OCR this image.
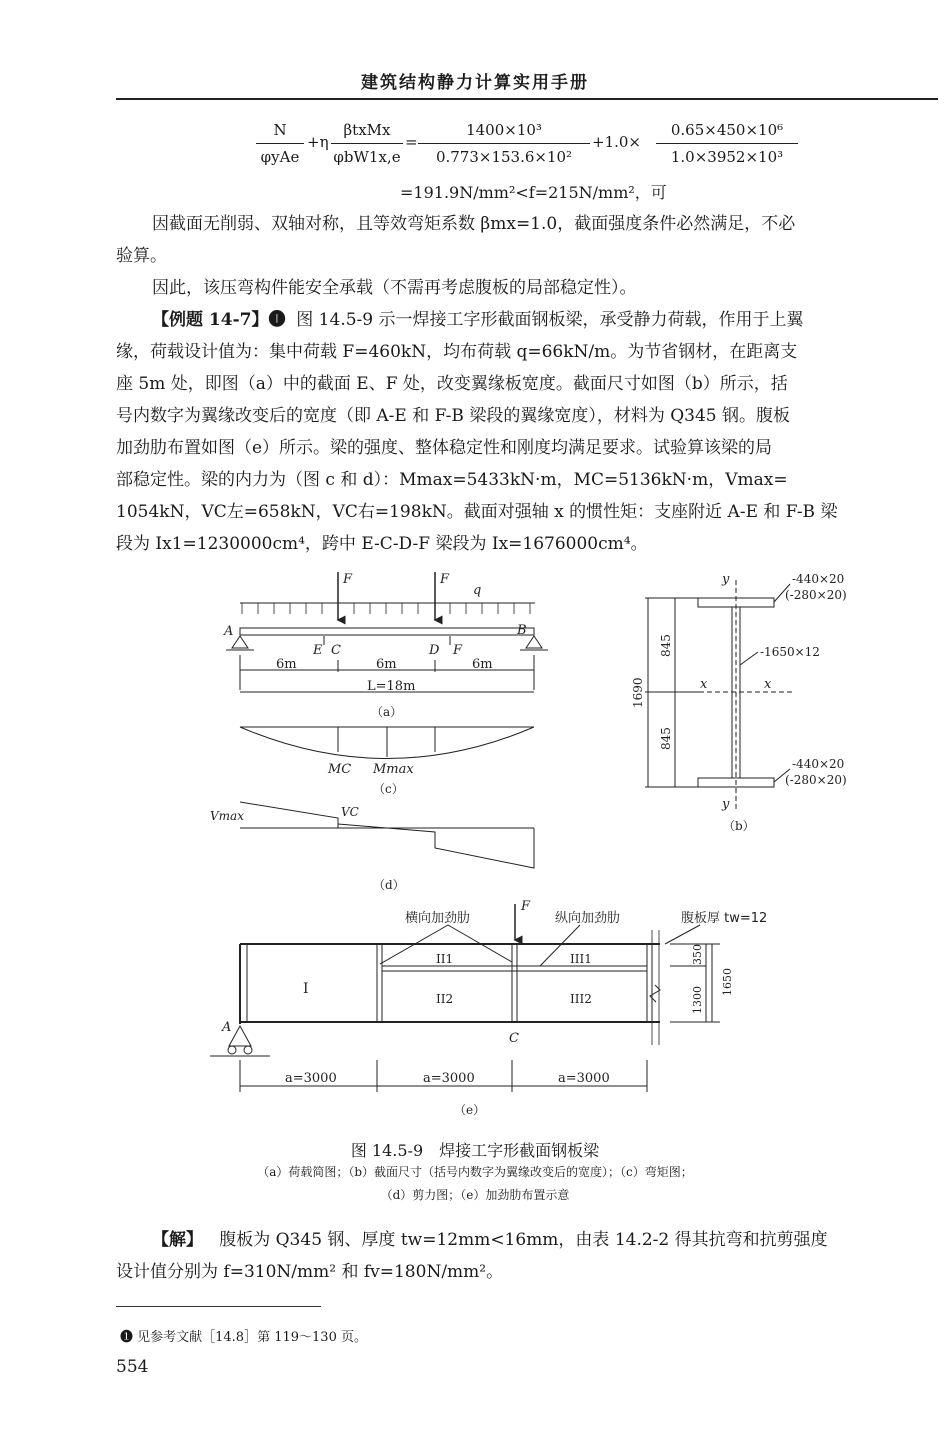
建筑结构静力计算实用手册
N
φyAe
+η
βtxMx
φbW1x,e
=
1400×10³
0.773×153.6×10²
+1.0×
0.65×450×10⁶
1.0×3952×10³
=191.9N/mm²<f=215N/mm²，可
因截面无削弱、双轴对称，且等效弯矩系数 βmx=1.0，截面强度条件必然满足，不必
验算。
因此，该压弯构件能安全承载（不需再考虑腹板的局部稳定性）。
【例题 14-7】❶ 图 14.5-9 示一焊接工字形截面钢板梁，承受静力荷载，作用于上翼
缘，荷载设计值为：集中荷载 F=460kN，均布荷载 q=66kN/m。为节省钢材，在距离支
座 5m 处，即图（a）中的截面 E、F 处，改变翼缘板宽度。截面尺寸如图（b）所示，括
号内数字为翼缘改变后的宽度（即 A-E 和 F-B 梁段的翼缘宽度），材料为 Q345 钢。腹板
加劲肋布置如图（e）所示。梁的强度、整体稳定性和刚度均满足要求。试验算该梁的局
部稳定性。梁的内力为（图 c 和 d）：Mmax=5433kN·m，MC=5136kN·m，Vmax=
1054kN，VC左=658kN，VC右=198kN。截面对强轴 x 的惯性矩：支座附近 A-E 和 F-B 梁
段为 Ix1=1230000cm⁴，跨中 E-C-D-F 梁段为 Ix=1676000cm⁴。
F	F
q
A	B
E C	D F
6m	6m	6m
L=18m
（a）
MC Mmax
（c）
Vmax	VC
（d）
y
y
x	x
-440×20
(-280×20)
-1650×12
-440×20
(-280×20)
845
845
1690
（b）
横向加劲肋
F
纵向加劲肋	腹板厚 tw=12
I
II1	III1
II2	III2
A
C
350
1300
1650
a=3000	a=3000	a=3000
（e）
图 14.5-9　焊接工字形截面钢板梁
（a）荷载简图；（b）截面尺寸（括号内数字为翼缘改变后的宽度）；（c）弯矩图；
（d）剪力图；（e）加劲肋布置示意
【解】 腹板为 Q345 钢、厚度 tw=12mm<16mm，由表 14.2-2 得其抗弯和抗剪强度
设计值分别为 f=310N/mm² 和 fv=180N/mm²。
❶ 见参考文献［14.8］第 119～130 页。
554
